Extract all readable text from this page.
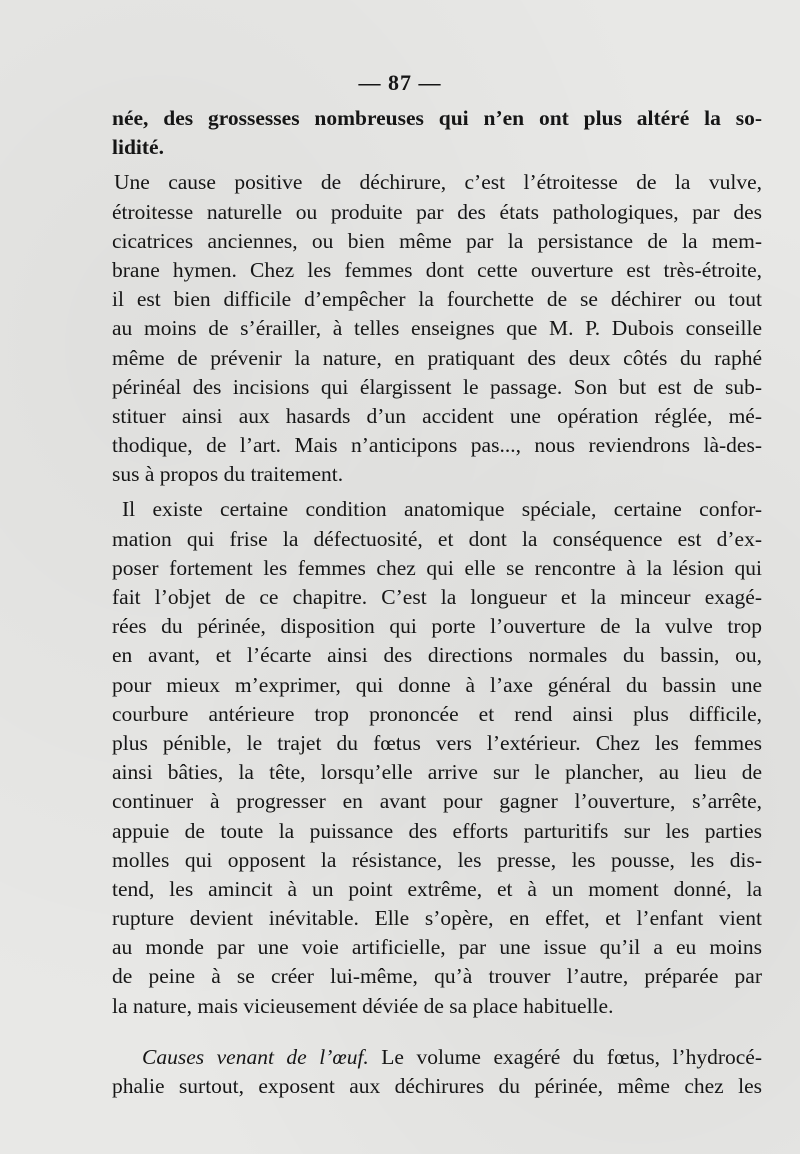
— 87 —
née, des grossesses nombreuses qui n’en ont plus altéré la so-
lidité.
Une cause positive de déchirure, c’est l’étroitesse de la vulve,
étroitesse naturelle ou produite par des états pathologiques, par des
cicatrices anciennes, ou bien même par la persistance de la mem-
brane hymen. Chez les femmes dont cette ouverture est très-étroite,
il est bien difficile d’empêcher la fourchette de se déchirer ou tout
au moins de s’érailler, à telles enseignes que M. P. Dubois conseille
même de prévenir la nature, en pratiquant des deux côtés du raphé
périnéal des incisions qui élargissent le passage. Son but est de sub-
stituer ainsi aux hasards d’un accident une opération réglée, mé-
thodique, de l’art. Mais n’anticipons pas..., nous reviendrons là-des-
sus à propos du traitement.
Il existe certaine condition anatomique spéciale, certaine confor-
mation qui frise la défectuosité, et dont la conséquence est d’ex-
poser fortement les femmes chez qui elle se rencontre à la lésion qui
fait l’objet de ce chapitre. C’est la longueur et la minceur exagé-
rées du périnée, disposition qui porte l’ouverture de la vulve trop
en avant, et l’écarte ainsi des directions normales du bassin, ou,
pour mieux m’exprimer, qui donne à l’axe général du bassin une
courbure antérieure trop prononcée et rend ainsi plus difficile,
plus pénible, le trajet du fœtus vers l’extérieur. Chez les femmes
ainsi bâties, la tête, lorsqu’elle arrive sur le plancher, au lieu de
continuer à progresser en avant pour gagner l’ouverture, s’arrête,
appuie de toute la puissance des efforts parturitifs sur les parties
molles qui opposent la résistance, les presse, les pousse, les dis-
tend, les amincit à un point extrême, et à un moment donné, la
rupture devient inévitable. Elle s’opère, en effet, et l’enfant vient
au monde par une voie artificielle, par une issue qu’il a eu moins
de peine à se créer lui-même, qu’à trouver l’autre, préparée par
la nature, mais vicieusement déviée de sa place habituelle.
Causes venant de l’œuf. Le volume exagéré du fœtus, l’hydrocé-
phalie surtout, exposent aux déchirures du périnée, même chez les
